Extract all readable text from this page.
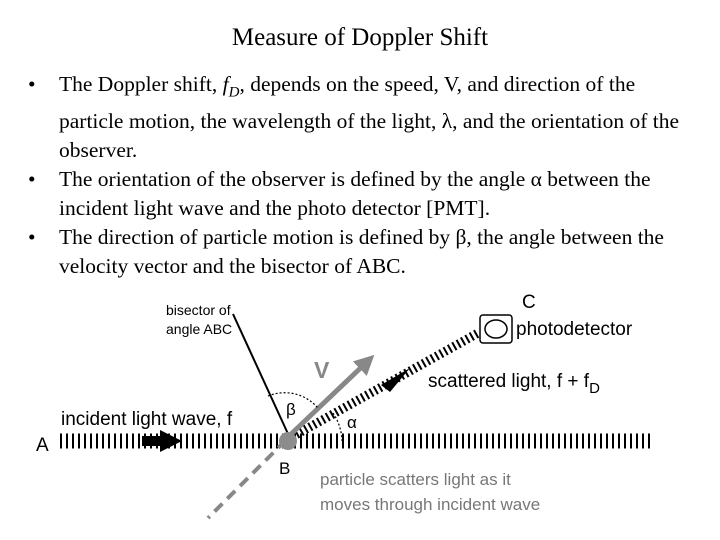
Measure of Doppler Shift
• The Doppler shift, $f_D$, depends on the speed, V, and direction of the particle motion, the wavelength of the light, λ, and the orientation of the observer.
• The orientation of the observer is defined by the angle α between the incident light wave and the photo detector [PMT].
• The direction of particle motion is defined by β, the angle between the velocity vector and the bisector of ABC.
bisector of
angle ABC
C
photodetector
V	scattered light, $f + f_D$
incident light wave, f	β
α
A
B
particle scatters light as it
moves through incident wave
